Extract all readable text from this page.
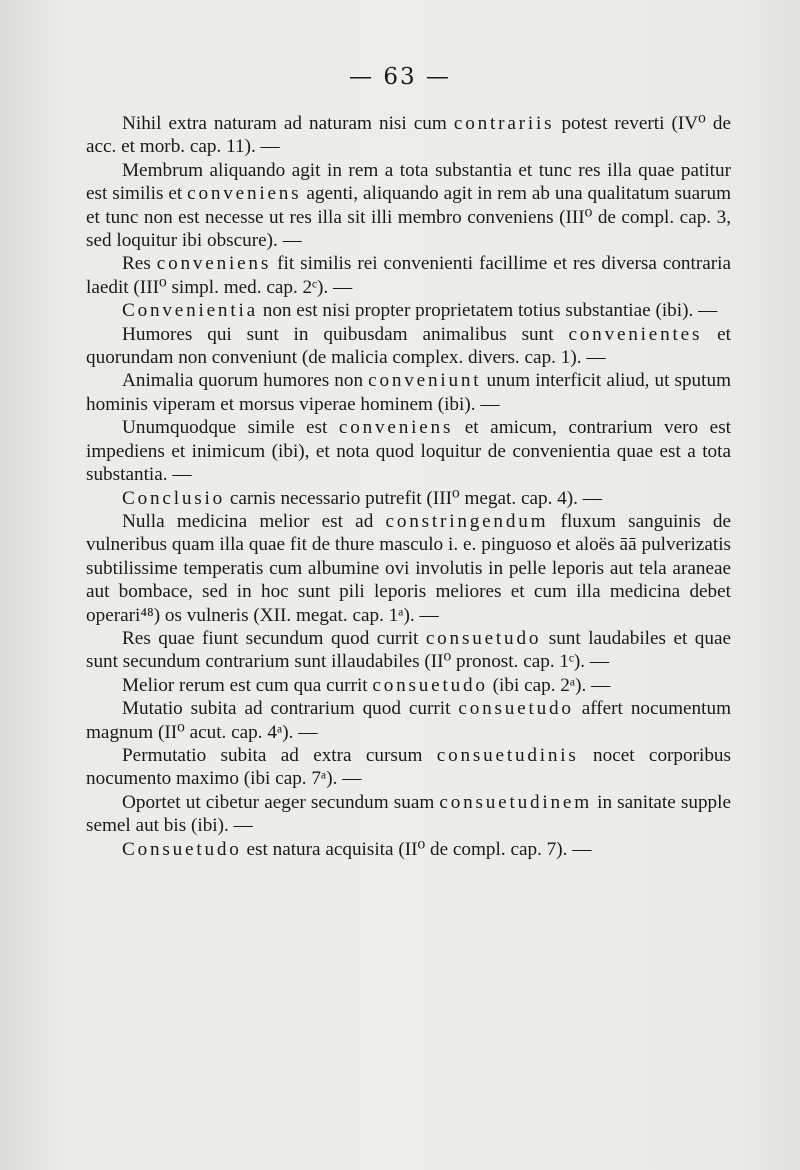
— 63 —

Nihil extra naturam ad naturam nisi cum contrariis potest reverti (IV⁰ de acc. et morb. cap. 11). —

Membrum aliquando agit in rem a tota substantia et tunc res illa quae patitur est similis et conveniens agenti, aliquando agit in rem ab una qualitatum suarum et tunc non est necesse ut res illa sit illi membro conveniens (III⁰ de compl. cap. 3, sed loquitur ibi obscure). —

Res conveniens fit similis rei convenienti facillime et res diversa contraria laedit (III⁰ simpl. med. cap. 2ᶜ). —

Convenientia non est nisi propter proprietatem totius substantiae (ibi). —

Humores qui sunt in quibusdam animalibus sunt convenientes et quorundam non conveniunt (de malicia complex. divers. cap. 1). —

Animalia quorum humores non conveniunt unum interficit aliud, ut sputum hominis viperam et morsus viperae hominem (ibi). —

Unumquodque simile est conveniens et amicum, contrarium vero est impediens et inimicum (ibi), et nota quod loquitur de convenientia quae est a tota substantia. —

Conclusio carnis necessario putrefit (III⁰ megat. cap. 4). —

Nulla medicina melior est ad constringendum fluxum sanguinis de vulneribus quam illa quae fit de thure masculo i. e. pinguoso et aloës āā pulverizatis subtilissime temperatis cum albumine ovi involutis in pelle leporis aut tela araneae aut bombace, sed in hoc sunt pili leporis meliores et cum illa medicina debet operari⁴⁸) os vulneris (XII. megat. cap. 1ᵃ). —

Res quae fiunt secundum quod currit consuetudo sunt laudabiles et quae sunt secundum contrarium sunt illaudabiles (II⁰ pronost. cap. 1ᶜ). —

Melior rerum est cum qua currit consuetudo (ibi cap. 2ᵃ). —

Mutatio subita ad contrarium quod currit consuetudo affert nocumentum magnum (II⁰ acut. cap. 4ᵃ). —

Permutatio subita ad extra cursum consuetudinis nocet corporibus nocumento maximo (ibi cap. 7ᵃ). —

Oportet ut cibetur aeger secundum suam consuetudinem in sanitate supple semel aut bis (ibi). —

Consuetudo est natura acquisita (II⁰ de compl. cap. 7). —
